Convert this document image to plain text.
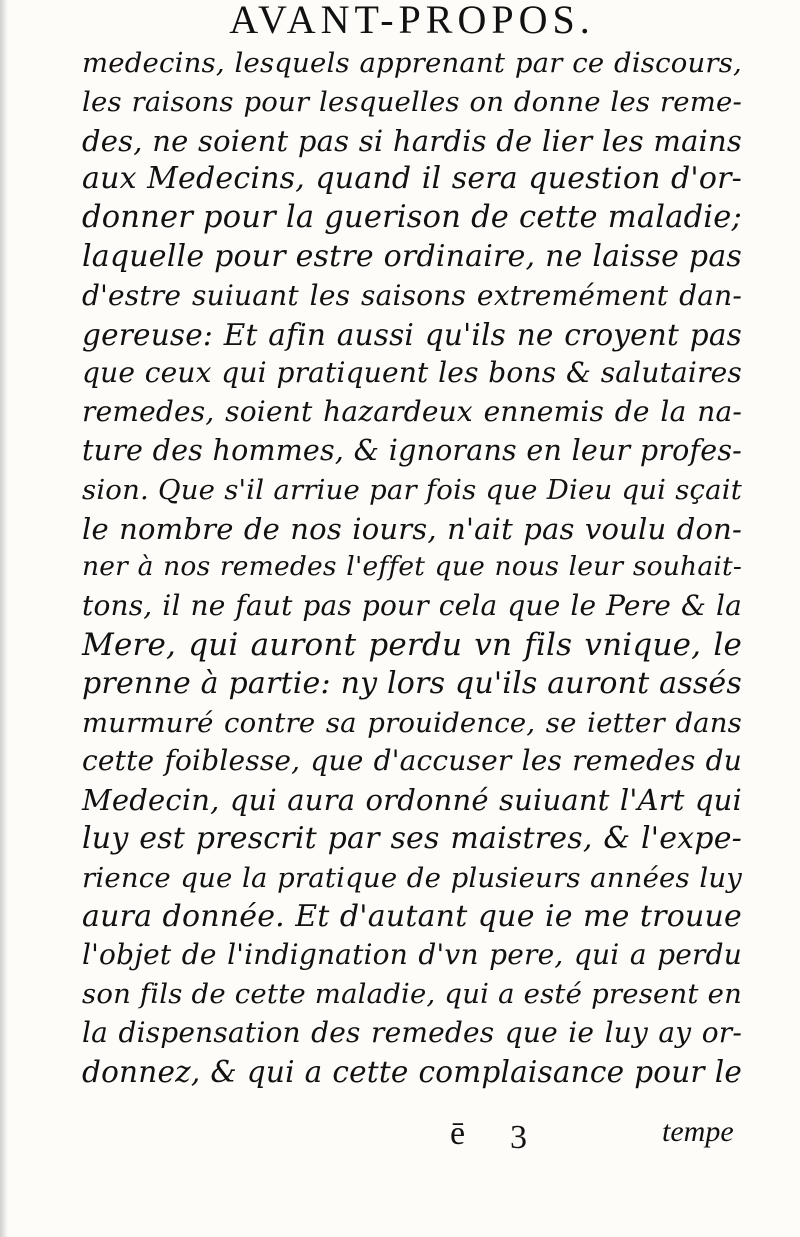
AVANT-PROPOS.
medecins, lesquels apprenant par ce discours,
les raisons pour lesquelles on donne les reme-
des, ne soient pas si hardis de lier les mains
aux Medecins, quand il sera question d'or-
donner pour la guerison de cette maladie;
laquelle pour estre ordinaire, ne laisse pas
d'estre suiuant les saisons extremément dan-
gereuse: Et afin aussi qu'ils ne croyent pas
que ceux qui pratiquent les bons & salutaires
remedes, soient hazardeux ennemis de la na-
ture des hommes, & ignorans en leur profes-
sion. Que s'il arriue par fois que Dieu qui sçait
le nombre de nos iours, n'ait pas voulu don-
ner à nos remedes l'effet que nous leur souhait-
tons, il ne faut pas pour cela que le Pere & la
Mere, qui auront perdu vn fils vnique, le
prenne à partie: ny lors qu'ils auront assés
murmuré contre sa prouidence, se ietter dans
cette foiblesse, que d'accuser les remedes du
Medecin, qui aura ordonné suiuant l'Art qui
luy est prescrit par ses maistres, & l'expe-
rience que la pratique de plusieurs années luy
aura donnée. Et d'autant que ie me trouue
l'objet de l'indignation d'vn pere, qui a perdu
son fils de cette maladie, qui a esté present en
la dispensation des remedes que ie luy ay or-
donnez, & qui a cette complaisance pour le
ē 3	tempe
